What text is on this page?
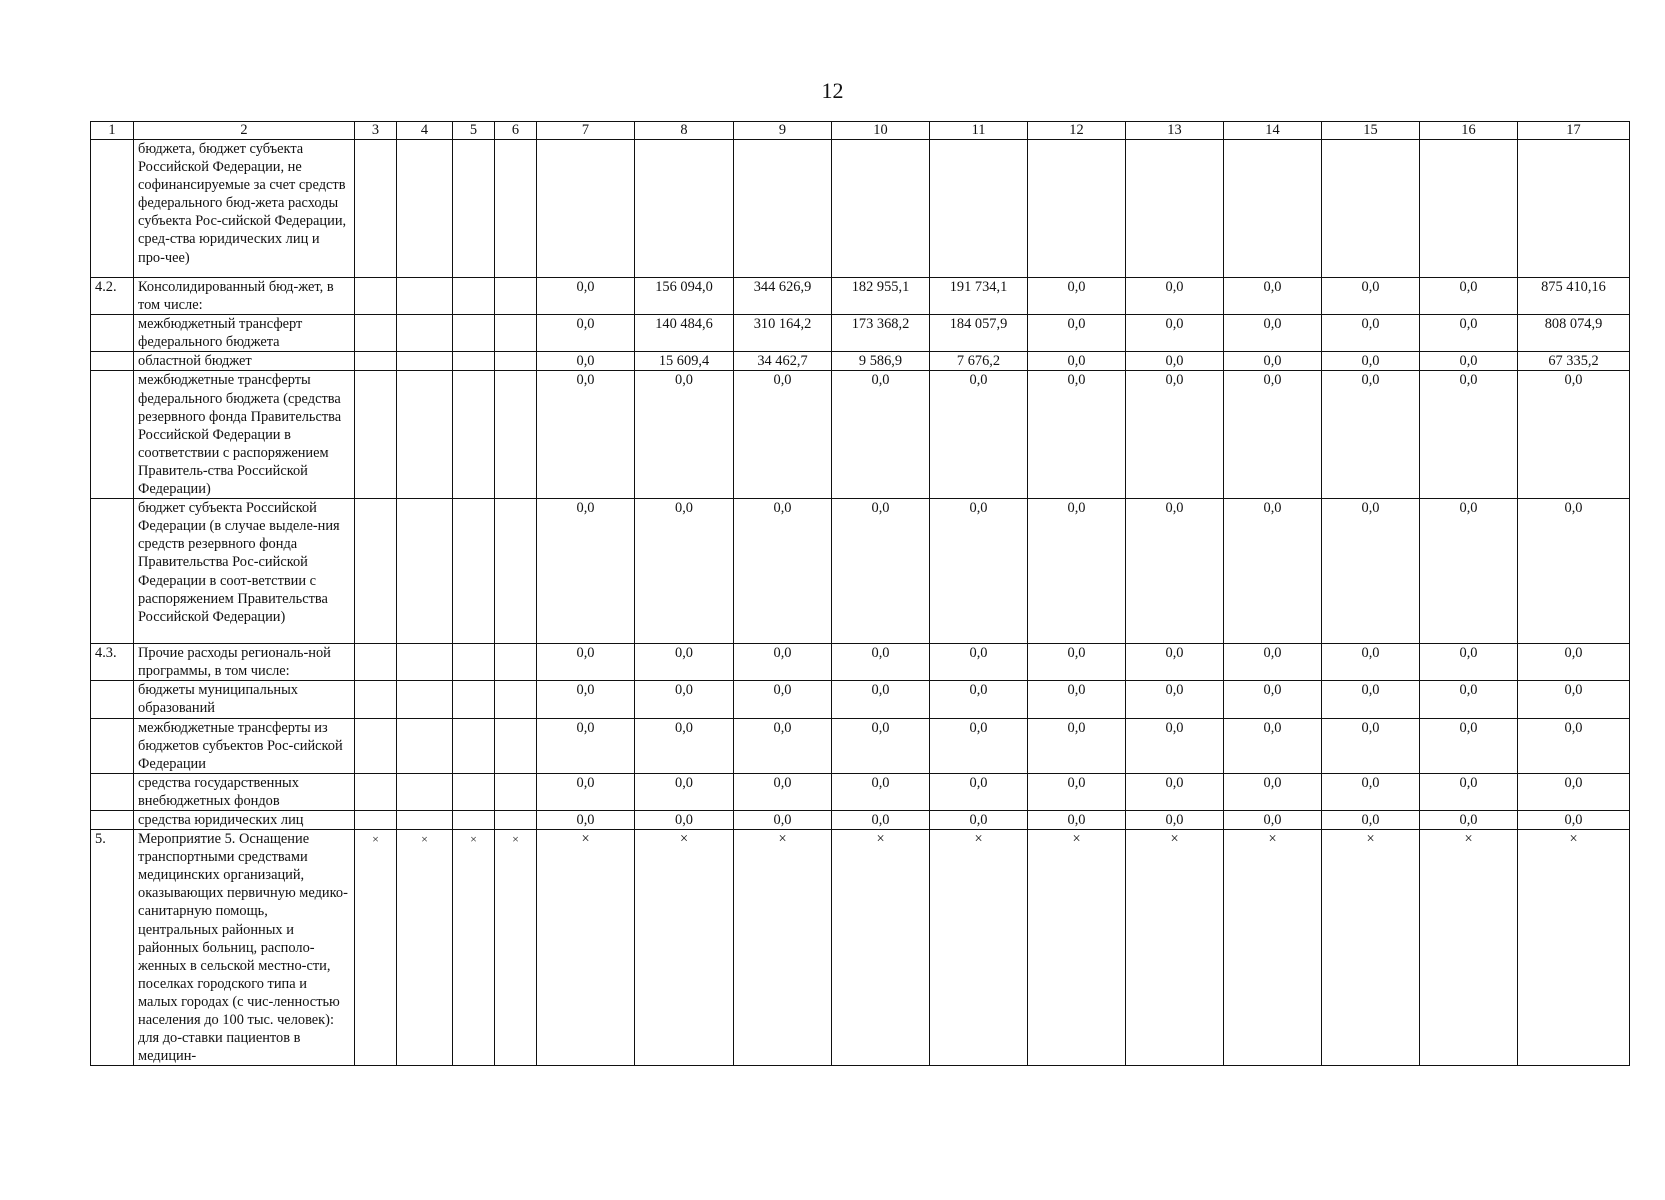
12
1	2	3	4	5	6	7	8	9	10	11	12	13	14	15	16	17
	бюджета, бюджет субъекта Российской Федерации, не софинансируемые за счет средств федерального бюд-жета расходы субъекта Рос-сийской Федерации, сред-ства юридических лиц и про-чее)															
4.2.	Консолидированный бюд-жет, в том числе:					0,0	156 094,0	344 626,9	182 955,1	191 734,1	0,0	0,0	0,0	0,0	0,0	875 410,16
	межбюджетный трансферт федерального бюджета					0,0	140 484,6	310 164,2	173 368,2	184 057,9	0,0	0,0	0,0	0,0	0,0	808 074,9
	областной бюджет					0,0	15 609,4	34 462,7	9 586,9	7 676,2	0,0	0,0	0,0	0,0	0,0	67 335,2
	межбюджетные трансферты федерального бюджета (средства резервного фонда Правительства Российской Федерации в соответствии с распоряжением Правитель-ства Российской Федерации)					0,0	0,0	0,0	0,0	0,0	0,0	0,0	0,0	0,0	0,0	0,0
	бюджет субъекта Российской Федерации (в случае выделе-ния средств резервного фонда Правительства Рос-сийской Федерации в соот-ветствии с распоряжением Правительства Российской Федерации)					0,0	0,0	0,0	0,0	0,0	0,0	0,0	0,0	0,0	0,0	0,0
4.3.	Прочие расходы региональ-ной программы, в том числе:					0,0	0,0	0,0	0,0	0,0	0,0	0,0	0,0	0,0	0,0	0,0
	бюджеты муниципальных образований					0,0	0,0	0,0	0,0	0,0	0,0	0,0	0,0	0,0	0,0	0,0
	межбюджетные трансферты из бюджетов субъектов Рос-сийской Федерации					0,0	0,0	0,0	0,0	0,0	0,0	0,0	0,0	0,0	0,0	0,0
	средства государственных внебюджетных фондов					0,0	0,0	0,0	0,0	0,0	0,0	0,0	0,0	0,0	0,0	0,0
	средства юридических лиц					0,0	0,0	0,0	0,0	0,0	0,0	0,0	0,0	0,0	0,0	0,0
5.	Мероприятие 5. Оснащение транспортными средствами медицинских организаций, оказывающих первичную медико-санитарную помощь, центральных районных и районных больниц, располо-женных в сельской местно-сти, поселках городского типа и малых городах (с чис-ленностью населения до 100 тыс. человек): для до-ставки пациентов в медицин-	×	×	×	×	×	×	×	×	×	×	×	×	×	×	×
